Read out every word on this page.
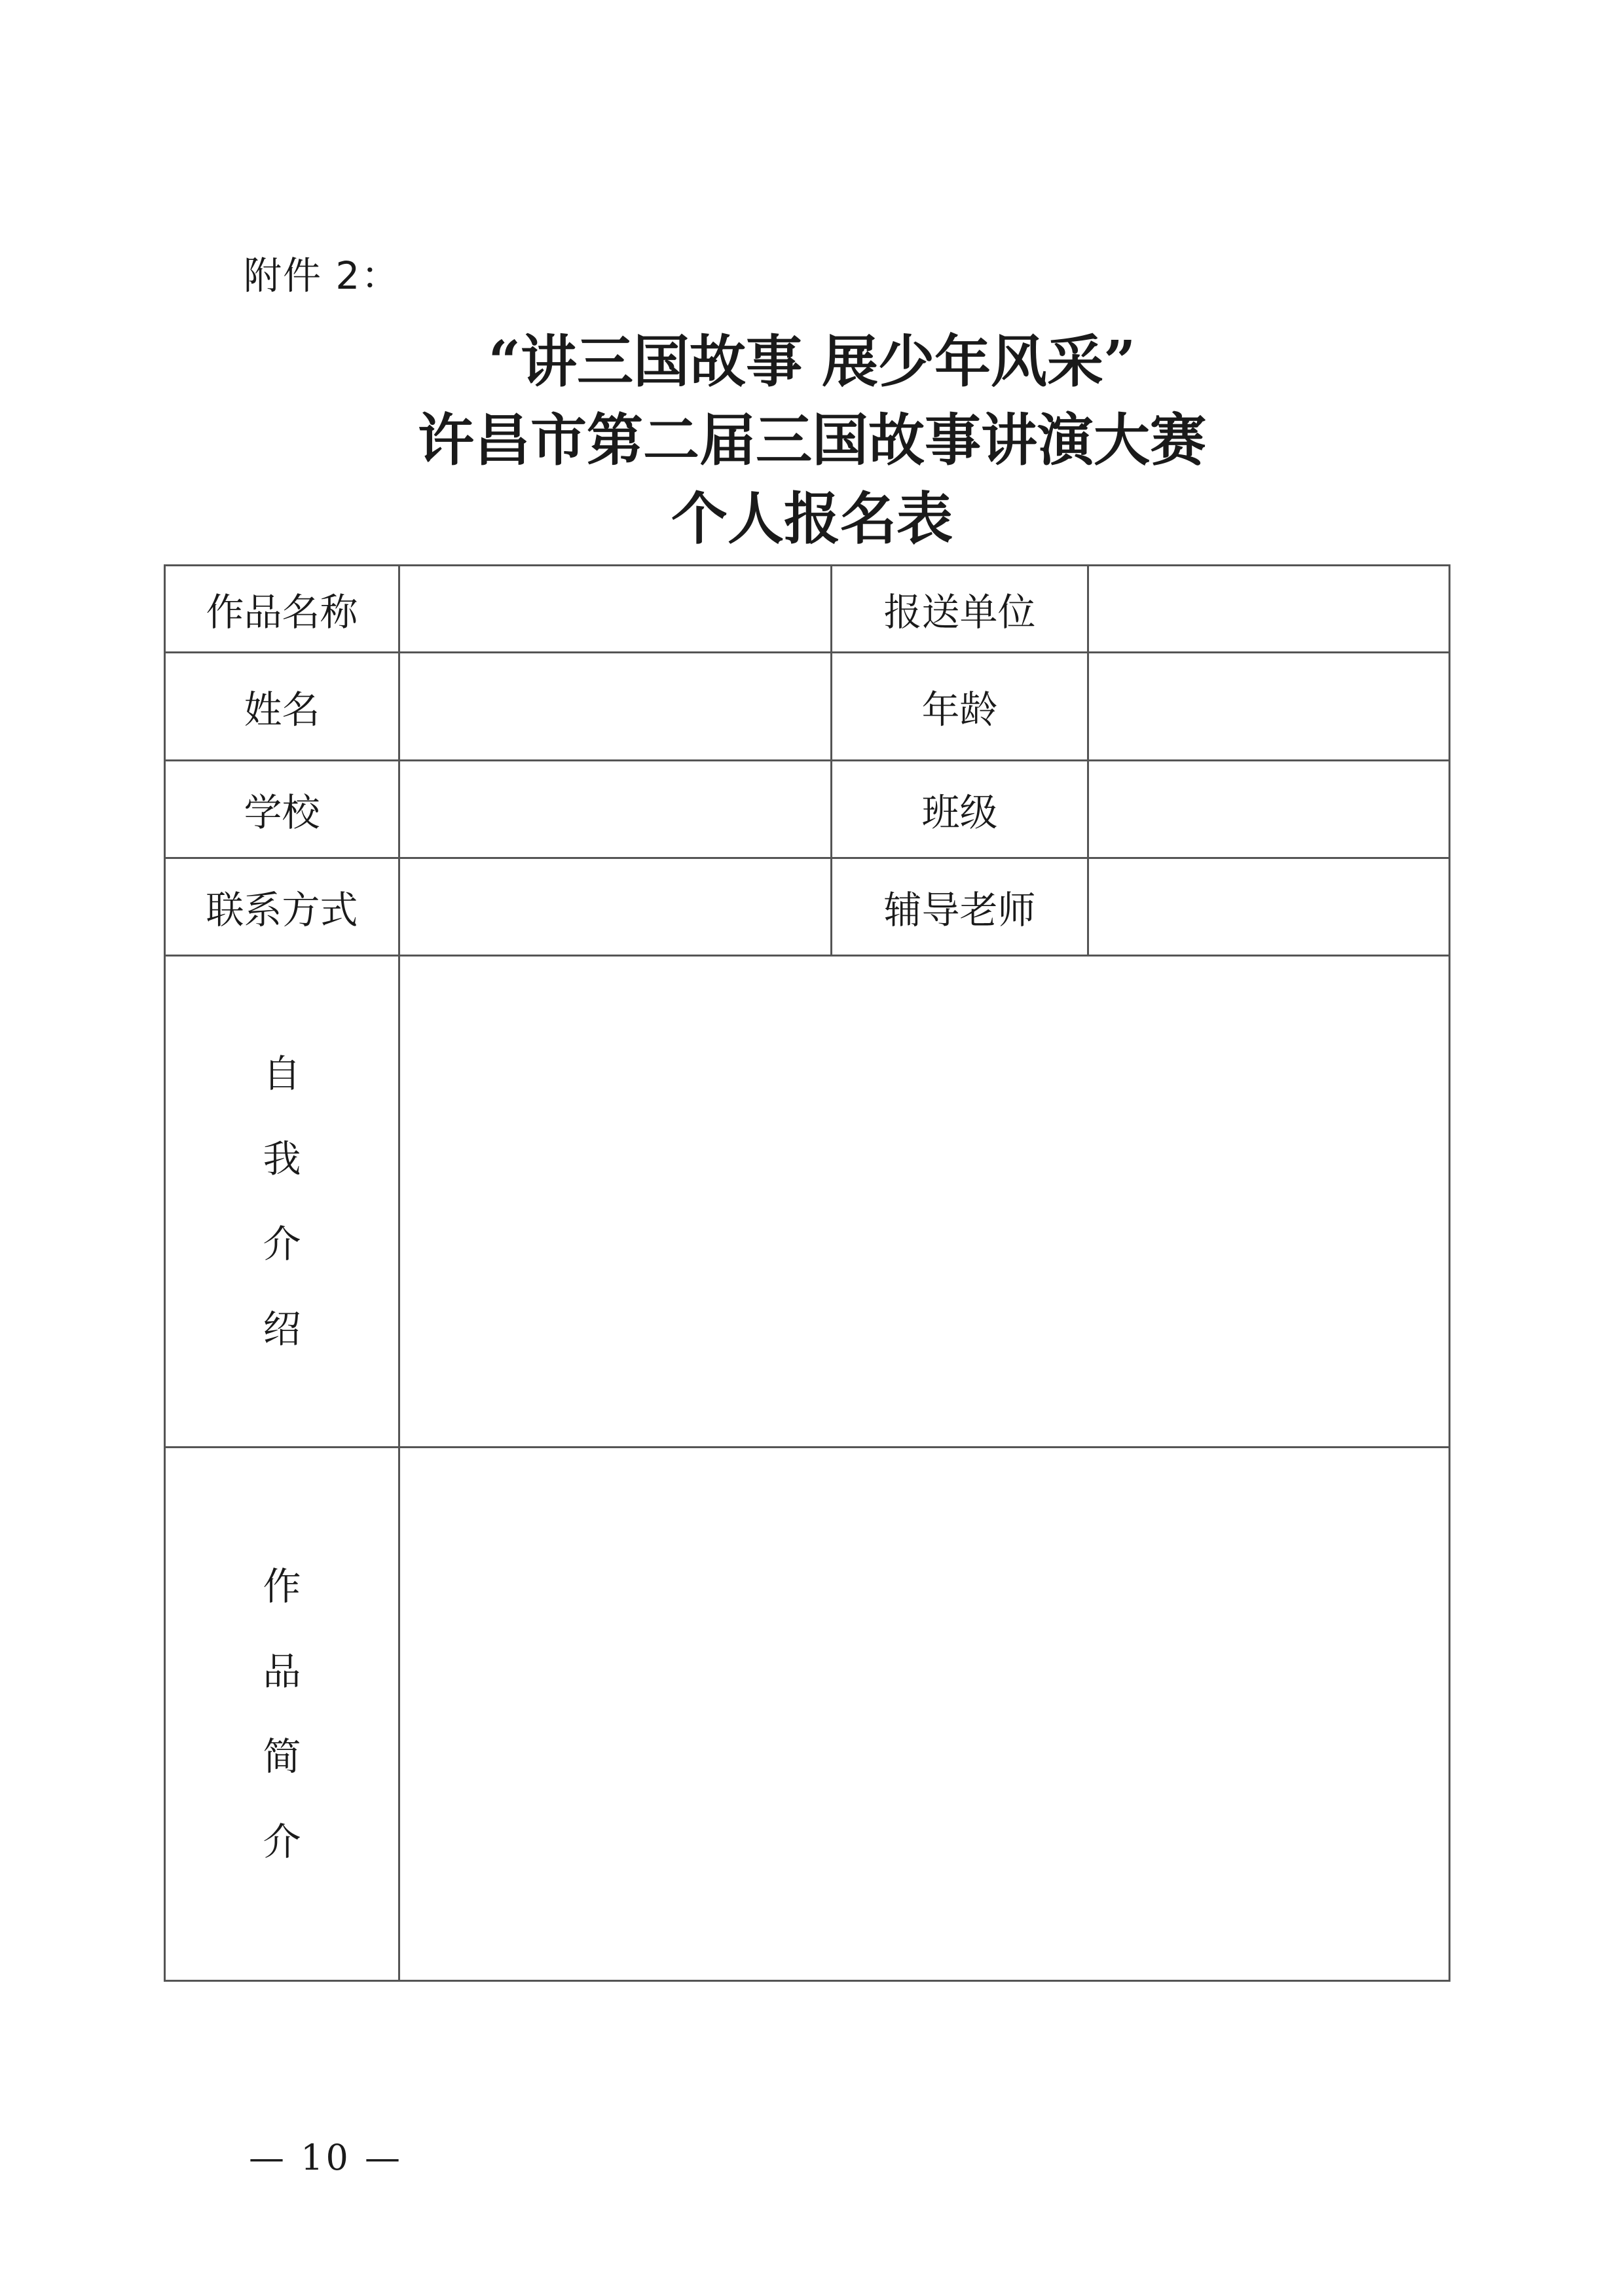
附件 2：
“讲三国故事 展少年风采”
许昌市第二届三国故事讲演大赛
个人报名表
作品名称		报送单位	
姓名		年龄	
学校		班级	
联系方式		辅导老师	
自我介绍			
作品简介			
— 10 —
